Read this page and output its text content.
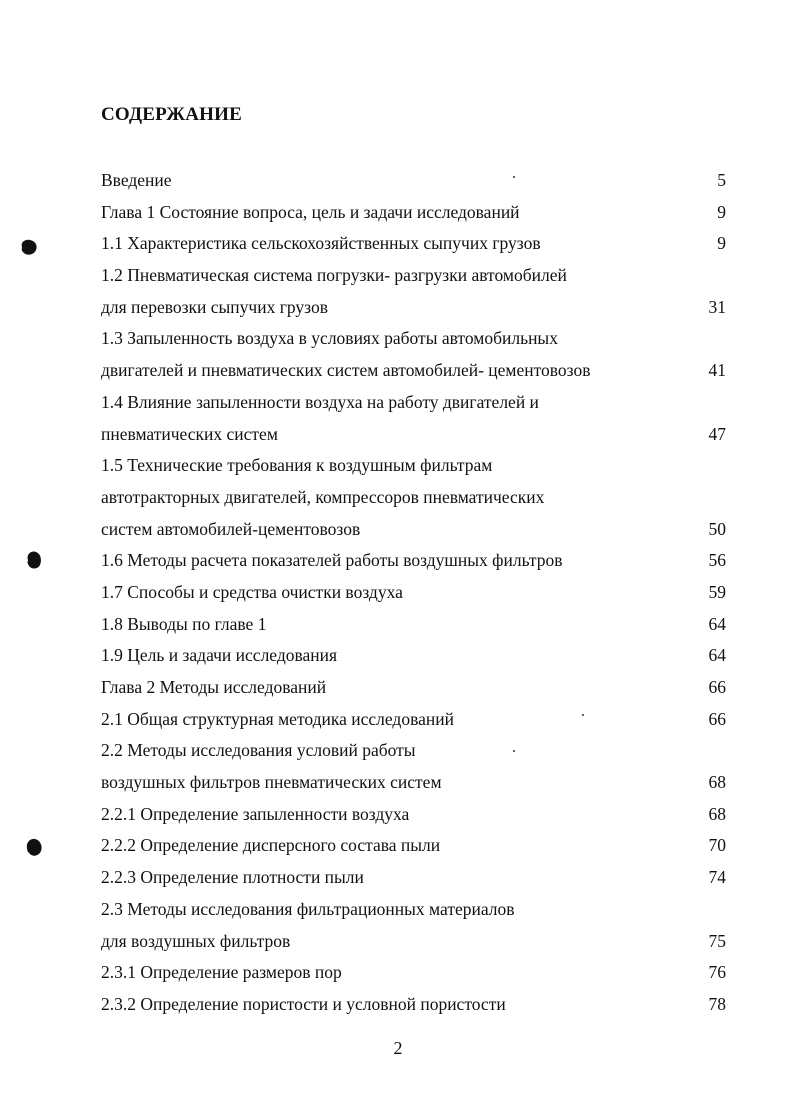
СОДЕРЖАНИЕ
Введение	5
Глава 1 Состояние вопроса, цель и задачи исследований	9
1.1 Характеристика сельскохозяйственных сыпучих грузов	9
1.2 Пневматическая система погрузки- разгрузки автомобилей
для перевозки сыпучих грузов	31
1.3 Запыленность воздуха в условиях работы автомобильных
двигателей и пневматических систем автомобилей- цементовозов	41
1.4 Влияние запыленности воздуха на работу двигателей и
пневматических систем	47
1.5 Технические требования к воздушным фильтрам
автотракторных двигателей, компрессоров пневматических
систем автомобилей-цементовозов	50
1.6 Методы расчета показателей работы воздушных фильтров	56
1.7 Способы и средства очистки воздуха	59
1.8 Выводы по главе 1	64
1.9 Цель и задачи исследования	64
Глава 2 Методы исследований	66
2.1 Общая структурная методика исследований	66
2.2 Методы исследования условий работы
воздушных фильтров пневматических систем	68
2.2.1 Определение запыленности воздуха	68
2.2.2 Определение дисперсного состава пыли	70
2.2.3 Определение плотности пыли	74
2.3 Методы исследования фильтрационных материалов
для воздушных фильтров	75
2.3.1 Определение размеров пор	76
2.3.2 Определение пористости и условной пористости	78
2
